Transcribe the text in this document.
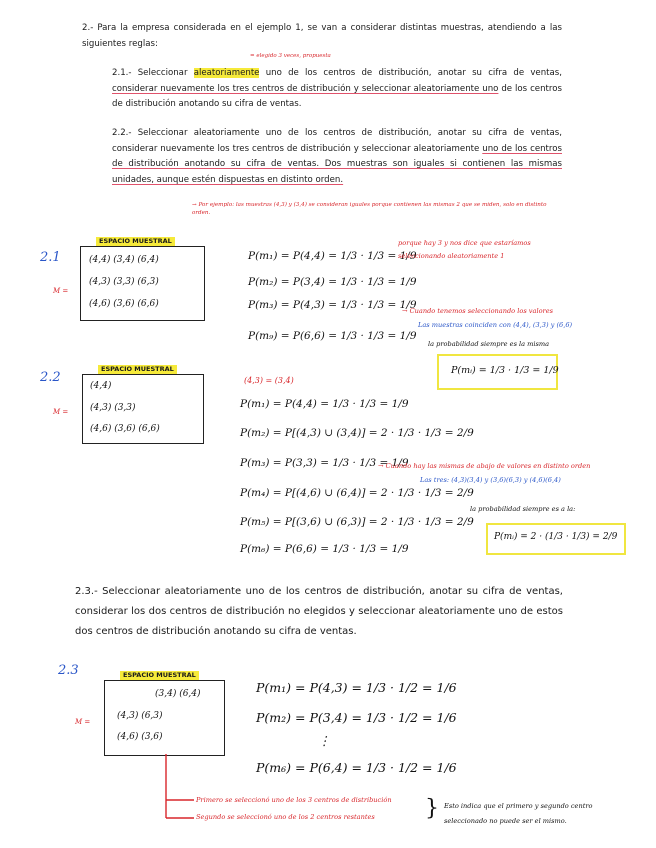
2.- Para la empresa considerada en el ejemplo 1, se van a considerar distintas muestras, atendiendo a las siguientes reglas:
= elegido 3 veces, propuesta
2.1.- Seleccionar aleatoriamente uno de los centros de distribución, anotar su cifra de ventas, considerar nuevamente los tres centros de distribución y seleccionar aleatoriamente uno de los centros de distribución anotando su cifra de ventas.
2.2.- Seleccionar aleatoriamente uno de los centros de distribución, anotar su cifra de ventas, considerar nuevamente los tres centros de distribución y seleccionar aleatoriamente uno de los centros de distribución anotando su cifra de ventas. Dos muestras son iguales si contienen las mismas unidades, aunque estén dispuestas en distinto orden.
→ Por ejemplo: las muestras (4,3) y (3,4) se consideran iguales porque contienen las mismas 2 que se miden, solo en distinto orden.
2.1
M =
ESPACIO MUESTRAL
(4,4) (3,4) (6,4)
(4,3) (3,3) (6,3)
(4,6) (3,6) (6,6)
P(m₁) = P(4,4) = 1/3 · 1/3 = 1/9
P(m₂) = P(3,4) = 1/3 · 1/3 = 1/9
P(m₃) = P(4,3) = 1/3 · 1/3 = 1/9
P(m₉) = P(6,6) = 1/3 · 1/3 = 1/9
porque hay 3 y nos dice que estaríamos
seleccionando aleatoriamente 1
→ Cuando tenemos seleccionando los valores
Las muestras coinciden con (4,4), (3,3) y (6,6)
la probabilidad siempre es la misma
P(mᵢ) = 1/3 · 1/3 = 1/9
2.2
M =
ESPACIO MUESTRAL
(4,4)
(4,3) (3,3)
(4,6) (3,6) (6,6)
(4,3) = (3,4)
P(m₁) = P(4,4) = 1/3 · 1/3 = 1/9
P(m₂) = P[(4,3) ∪ (3,4)] = 2 · 1/3 · 1/3 = 2/9
P(m₃) = P(3,3) = 1/3 · 1/3 = 1/9
P(m₄) = P[(4,6) ∪ (6,4)] = 2 · 1/3 · 1/3 = 2/9
P(m₅) = P[(3,6) ∪ (6,3)] = 2 · 1/3 · 1/3 = 2/9
P(m₆) = P(6,6) = 1/3 · 1/3 = 1/9
→ Cuando hay las mismas de abajo de valores en distinto orden
Las tres: (4,3)(3,4) y (3,6)(6,3) y (4,6)(6,4)
la probabilidad siempre es a la:
P(mᵢ) = 2 · (1/3 · 1/3) = 2/9
2.3.- Seleccionar aleatoriamente uno de los centros de distribución, anotar su cifra de ventas, considerar los dos centros de distribución no elegidos y seleccionar aleatoriamente uno de estos dos centros de distribución anotando su cifra de ventas.
2.3
M =
ESPACIO MUESTRAL
(3,4) (6,4)
(4,3) (6,3)
(4,6) (3,6)
P(m₁) = P(4,3) = 1/3 · 1/2 = 1/6
P(m₂) = P(3,4) = 1/3 · 1/2 = 1/6
⋮
P(m₆) = P(6,4) = 1/3 · 1/2 = 1/6
Primero se seleccionó uno de los 3 centros de distribución
Segundo se seleccionó uno de los 2 centros restantes } Esto indica que el primero y segundo centro
seleccionado no puede ser el mismo.
